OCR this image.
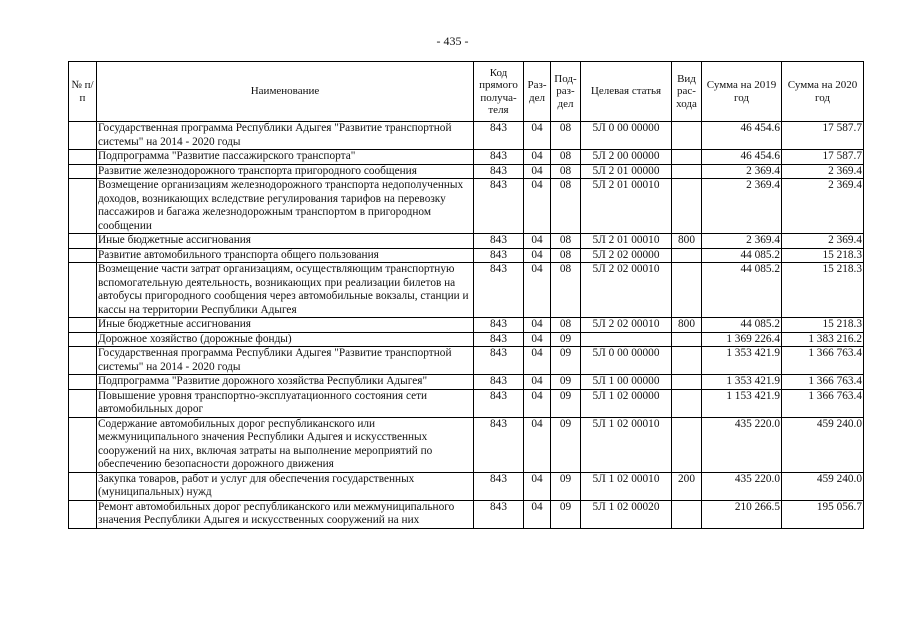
- 435 -
№ п/п	Наименование	Код прямого получа-теля	Раз-дел	Под-раз-дел	Целевая статья	Вид рас-хода	Сумма на 2019 год	Сумма на 2020 год
	Государственная программа Республики Адыгея "Развитие транспортной системы" на 2014 - 2020 годы	843	04	08	5Л 0 00 00000		46 454.6	17 587.7
	Подпрограмма "Развитие пассажирского транспорта"	843	04	08	5Л 2 00 00000		46 454.6	17 587.7
	Развитие железнодорожного транспорта пригородного сообщения	843	04	08	5Л 2 01 00000		2 369.4	2 369.4
	Возмещение организациям железнодорожного транспорта недополученных доходов, возникающих вследствие регулирования тарифов на перевозку пассажиров и багажа железнодорожным транспортом в пригородном сообщении	843	04	08	5Л 2 01 00010		2 369.4	2 369.4
	Иные бюджетные ассигнования	843	04	08	5Л 2 01 00010	800	2 369.4	2 369.4
	Развитие автомобильного транспорта общего пользования	843	04	08	5Л 2 02 00000		44 085.2	15 218.3
	Возмещение части затрат организациям, осуществляющим транспортную вспомогательную деятельность, возникающих при реализации билетов на автобусы пригородного сообщения через автомобильные вокзалы, станции и кассы на территории Республики Адыгея	843	04	08	5Л 2 02 00010		44 085.2	15 218.3
	Иные бюджетные ассигнования	843	04	08	5Л 2 02 00010	800	44 085.2	15 218.3
	Дорожное хозяйство (дорожные фонды)	843	04	09			1 369 226.4	1 383 216.2
	Государственная программа Республики Адыгея "Развитие транспортной системы" на 2014 - 2020 годы	843	04	09	5Л 0 00 00000		1 353 421.9	1 366 763.4
	Подпрограмма "Развитие дорожного хозяйства Республики Адыгея"	843	04	09	5Л 1 00 00000		1 353 421.9	1 366 763.4
	Повышение уровня транспортно-эксплуатационного состояния сети автомобильных дорог	843	04	09	5Л 1 02 00000		1 153 421.9	1 366 763.4
	Содержание автомобильных дорог республиканского или межмуниципального значения Республики Адыгея и искусственных сооружений на них, включая затраты на выполнение мероприятий по обеспечению безопасности дорожного движения	843	04	09	5Л 1 02 00010		435 220.0	459 240.0
	Закупка товаров, работ и услуг для обеспечения государственных (муниципальных) нужд	843	04	09	5Л 1 02 00010	200	435 220.0	459 240.0
	Ремонт автомобильных дорог республиканского или межмуниципального значения Республики Адыгея и искусственных сооружений на них	843	04	09	5Л 1 02 00020		210 266.5	195 056.7
